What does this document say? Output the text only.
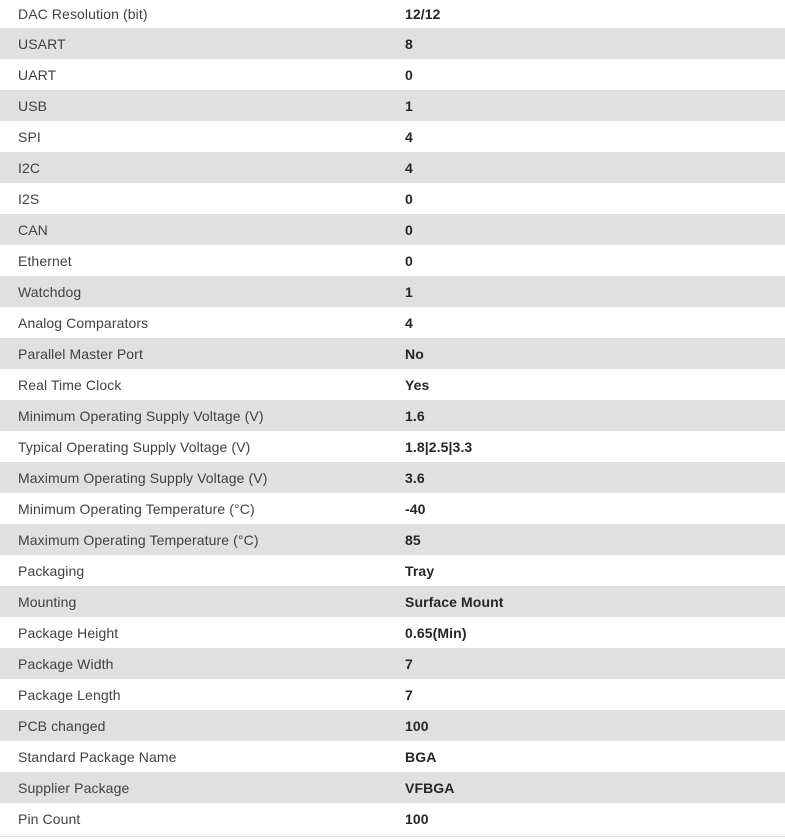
DAC Resolution (bit)	12/12
USART	8
UART	0
USB	1
SPI	4
I2C	4
I2S	0
CAN	0
Ethernet	0
Watchdog	1
Analog Comparators	4
Parallel Master Port	No
Real Time Clock	Yes
Minimum Operating Supply Voltage (V)	1.6
Typical Operating Supply Voltage (V)	1.8|2.5|3.3
Maximum Operating Supply Voltage (V)	3.6
Minimum Operating Temperature (°C)	-40
Maximum Operating Temperature (°C)	85
Packaging	Tray
Mounting	Surface Mount
Package Height	0.65(Min)
Package Width	7
Package Length	7
PCB changed	100
Standard Package Name	BGA
Supplier Package	VFBGA
Pin Count	100
